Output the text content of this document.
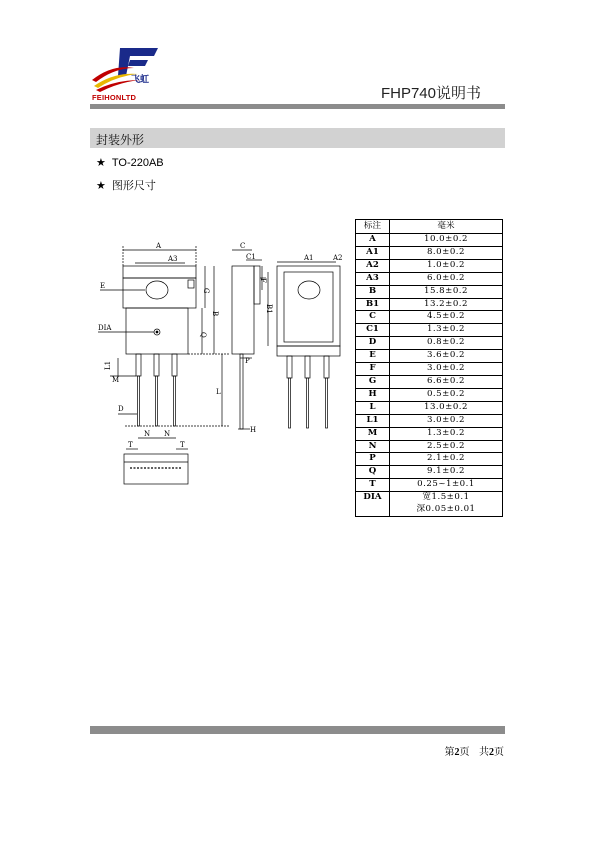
飞虹
FEIHONLTD	FHP740说明书
封装外形
★ TO-220AB
★ 图形尺寸
A
A3
E
DIA
G
B
Q
L
L1
M
D
N N
T	T
C
C1
F
P
H
A1	A2
B1
标注	毫米
A	10.0±0.2
A1	8.0±0.2
A2	1.0±0.2
A3	6.0±0.2
B	15.8±0.2
B1	13.2±0.2
C	4.5±0.2
C1	1.3±0.2
D	0.8±0.2
E	3.6±0.2
F	3.0±0.2
G	6.6±0.2
H	0.5±0.2
L	13.0±0.2
L1	3.0±0.2
M	1.3±0.2
N	2.5±0.2
P	2.1±0.2
Q	9.1±0.2
T	0.25~1±0.1
DIA	宽1.5±0.1
	深0.05±0.01
第2页 共2页
